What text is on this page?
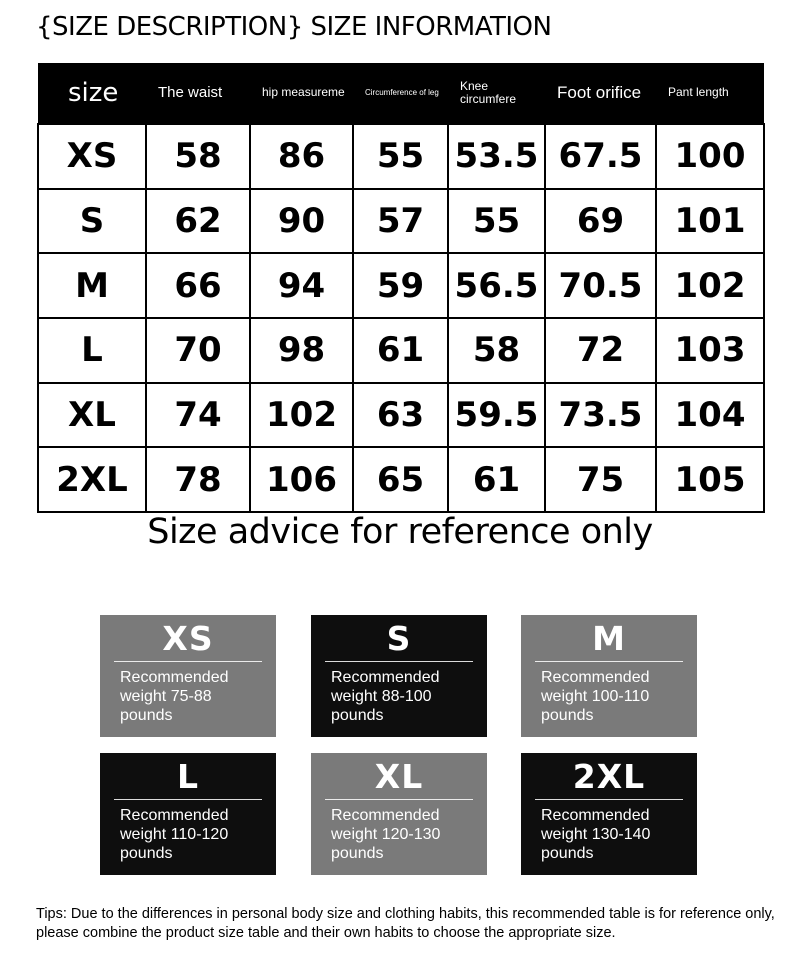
{SIZE DESCRIPTION} SIZE INFORMATION
size	The waist	hip measureme	Circumference of leg	Knee circumfere	Foot orifice	Pant length
XS	58	86	55	53.5	67.5	100
S	62	90	57	55	69	101
M	66	94	59	56.5	70.5	102
L	70	98	61	58	72	103
XL	74	102	63	59.5	73.5	104
2XL	78	106	65	61	75	105
Size advice for reference only
XS
Recommended weight 75-88 pounds
S
Recommended weight 88-100 pounds
M
Recommended weight 100-110 pounds
L
Recommended weight 110-120 pounds
XL
Recommended weight 120-130 pounds
2XL
Recommended weight 130-140 pounds
Tips: Due to the differences in personal body size and clothing habits, this recommended table is for reference only, please combine the product size table and their own habits to choose the appropriate size.
